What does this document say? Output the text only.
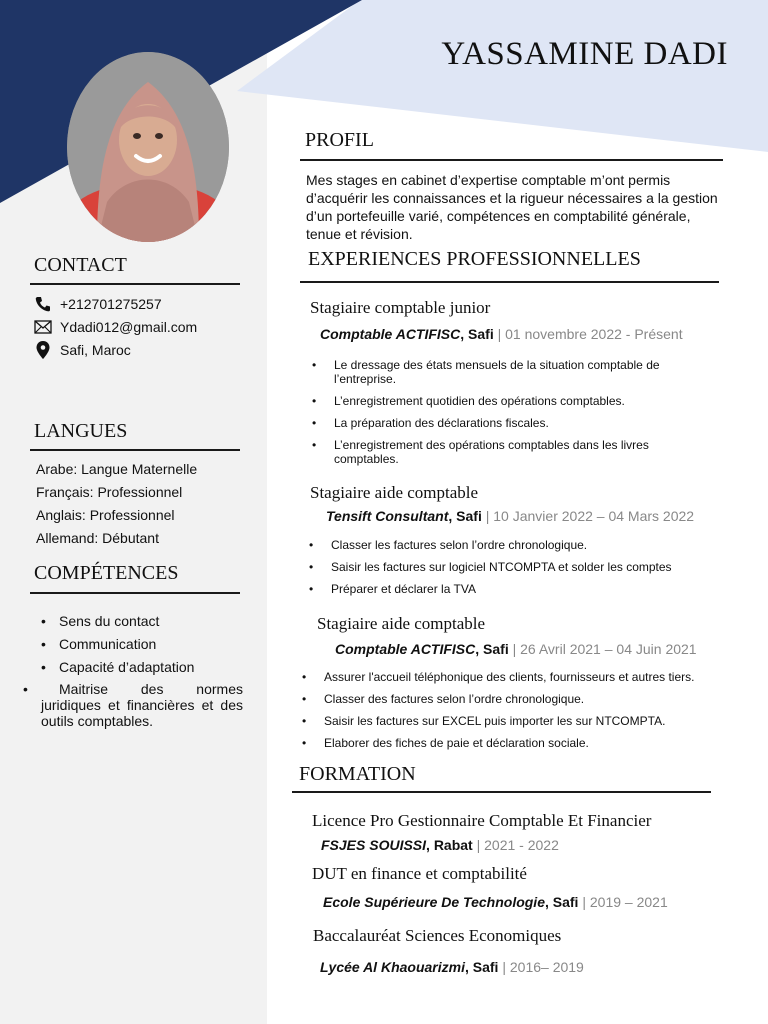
YASSAMINE DADI
PROFIL
Mes stages en cabinet d’expertise comptable m’ont permis d’acquérir les connaissances et la rigueur nécessaires a la gestion d’un portefeuille varié, compétences en comptabilité générale, tenue et révision.
CONTACT
+212701275257
Ydadi012@gmail.com
Safi, Maroc
LANGUES
Arabe: Langue Maternelle
Français: Professionnel
Anglais: Professionnel
Allemand: Débutant
COMPÉTENCES
• Sens du contact
• Communication
• Capacité d’adaptation
• Maitrise des normes juridiques et financières et des outils comptables.
EXPERIENCES PROFESSIONNELLES
Stagiaire comptable junior
Comptable ACTIFISC, Safi | 01 novembre 2022 - Présent
• Le dressage des états mensuels de la situation comptable de l’entreprise.
• L’enregistrement quotidien des opérations comptables.
• La préparation des déclarations fiscales.
• L’enregistrement des opérations comptables dans les livres comptables.
Stagiaire aide comptable
Tensift Consultant, Safi | 10 Janvier 2022 – 04 Mars 2022
• Classer les factures selon l’ordre chronologique.
• Saisir les factures sur logiciel NTCOMPTA et solder les comptes
• Préparer et déclarer la TVA
Stagiaire aide comptable
Comptable ACTIFISC, Safi | 26 Avril 2021 – 04 Juin 2021
• Assurer l'accueil téléphonique des clients, fournisseurs et autres tiers.
• Classer des factures selon l’ordre chronologique.
• Saisir les factures sur EXCEL puis importer les sur NTCOMPTA.
• Elaborer des fiches de paie et déclaration sociale.
FORMATION
Licence Pro Gestionnaire Comptable Et Financier
FSJES SOUISSI, Rabat | 2021 - 2022
DUT en finance et comptabilité
Ecole Supérieure De Technologie, Safi | 2019 – 2021
Baccalauréat Sciences Economiques
Lycée Al Khaouarizmi, Safi | 2016– 2019
